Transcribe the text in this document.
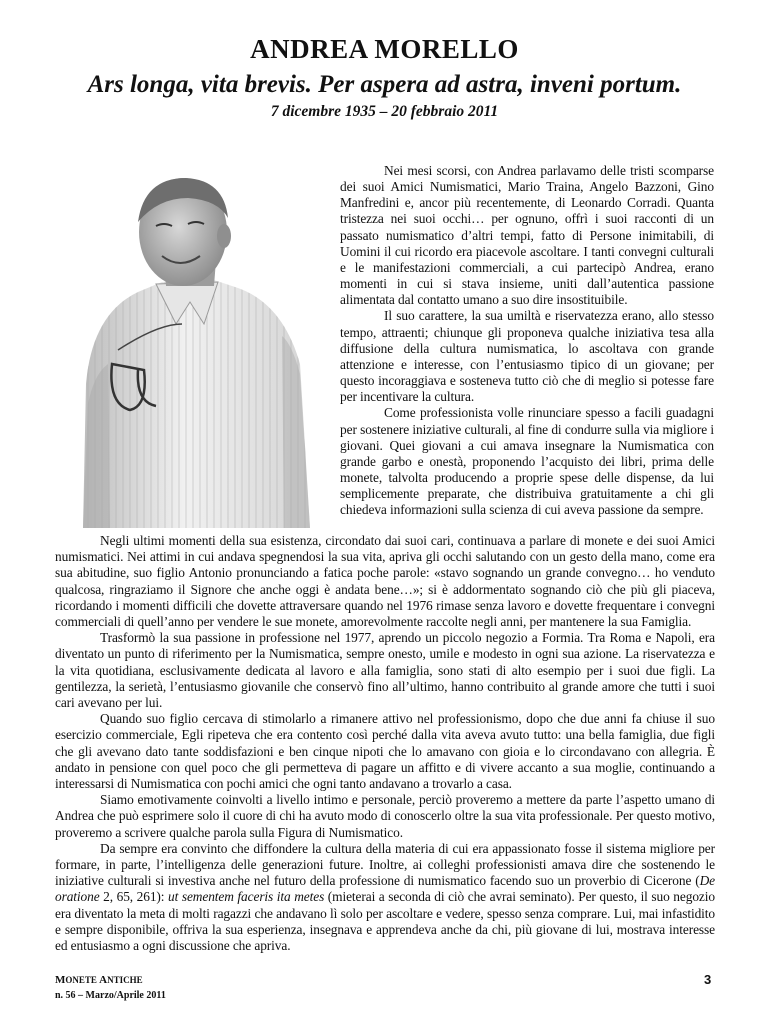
ANDREA MORELLO
Ars longa, vita brevis. Per aspera ad astra, inveni portum.
7 dicembre 1935 – 20 febbraio 2011

Nei mesi scorsi, con Andrea parlavamo delle tristi scomparse dei suoi Amici Numismatici, Mario Traina, Angelo Bazzoni, Gino Manfredini e, ancor più recentemente, di Leonardo Corradi. Quanta tristezza nei suoi occhi… per ognuno, offrì i suoi racconti di un passato numismatico d’altri tempi, fatto di Persone inimitabili, di Uomini il cui ricordo era piacevole ascoltare. I tanti convegni culturali e le manifestazioni commerciali, a cui partecipò Andrea, erano momenti in cui si stava insieme, uniti dall’autentica passione alimentata dal contatto umano a suo dire insostituibile.

Il suo carattere, la sua umiltà e riservatezza erano, allo stesso tempo, attraenti; chiunque gli proponeva qualche iniziativa tesa alla diffusione della cultura numismatica, lo ascoltava con grande attenzione e interesse, con l’entusiasmo tipico di un giovane; per questo incoraggiava e sosteneva tutto ciò che di meglio si potesse fare per incentivare la cultura.

Come professionista volle rinunciare spesso a facili guadagni per sostenere iniziative culturali, al fine di condurre sulla via migliore i giovani. Quei giovani a cui amava insegnare la Numismatica con grande garbo e onestà, proponendo l’acquisto dei libri, prima delle monete, talvolta producendo a proprie spese delle dispense, da lui semplicemente preparate, che distribuiva gratuitamente a chi gli chiedeva informazioni sulla scienza di cui aveva passione da sempre.

Negli ultimi momenti della sua esistenza, circondato dai suoi cari, continuava a parlare di monete e dei suoi Amici numismatici. Nei attimi in cui andava spegnendosi la sua vita, apriva gli occhi salutando con un gesto della mano, come era sua abitudine, suo figlio Antonio pronunciando a fatica poche parole: «stavo sognando un grande convegno… ho venduto qualcosa, ringraziamo il Signore che anche oggi è andata bene…»; si è addormentato sognando ciò che più gli piaceva, ricordando i momenti difficili che dovette attraversare quando nel 1976 rimase senza lavoro e dovette frequentare i convegni commerciali di quell’anno per vendere le sue monete, amorevolmente raccolte negli anni, per mantenere la sua Famiglia.

Trasformò la sua passione in professione nel 1977, aprendo un piccolo negozio a Formia. Tra Roma e Napoli, era diventato un punto di riferimento per la Numismatica, sempre onesto, umile e modesto in ogni sua azione. La riservatezza e la vita quotidiana, esclusivamente dedicata al lavoro e alla famiglia, sono stati di alto esempio per i suoi due figli. La gentilezza, la serietà, l’entusiasmo giovanile che conservò fino all’ultimo, hanno contribuito al grande amore che tutti i suoi cari avevano per lui.

Quando suo figlio cercava di stimolarlo a rimanere attivo nel professionismo, dopo che due anni fa chiuse il suo esercizio commerciale, Egli ripeteva che era contento così perché dalla vita aveva avuto tutto: una bella famiglia, due figli che gli avevano dato tante soddisfazioni e ben cinque nipoti che lo amavano con gioia e lo circondavano con allegria. È andato in pensione con quel poco che gli permetteva di pagare un affitto e di vivere accanto a sua moglie, continuando a interessarsi di Numismatica con pochi amici che ogni tanto andavano a trovarlo a casa.

Siamo emotivamente coinvolti a livello intimo e personale, perciò proveremo a mettere da parte l’aspetto umano di Andrea che può esprimere solo il cuore di chi ha avuto modo di conoscerlo oltre la sua vita professionale. Per questo motivo, proveremo a scrivere qualche parola sulla Figura di Numismatico.

Da sempre era convinto che diffondere la cultura della materia di cui era appassionato fosse il sistema migliore per formare, in parte, l’intelligenza delle generazioni future. Inoltre, ai colleghi professionisti amava dire che sostenendo le iniziative culturali si investiva anche nel futuro della professione di numismatico facendo suo un proverbio di Cicerone (De oratione 2, 65, 261): ut sementem faceris ita metes (mieterai a seconda di ciò che avrai seminato). Per questo, il suo negozio era diventato la meta di molti ragazzi che andavano lì solo per ascoltare e vedere, spesso senza comprare. Lui, mai infastidito e sempre disponibile, offriva la sua esperienza, insegnava e apprendeva anche da chi, più giovane di lui, mostrava interesse ed entusiasmo a ogni discussione che apriva.

MONETE ANTICHE
n. 56 – Marzo/Aprile 2011
3
